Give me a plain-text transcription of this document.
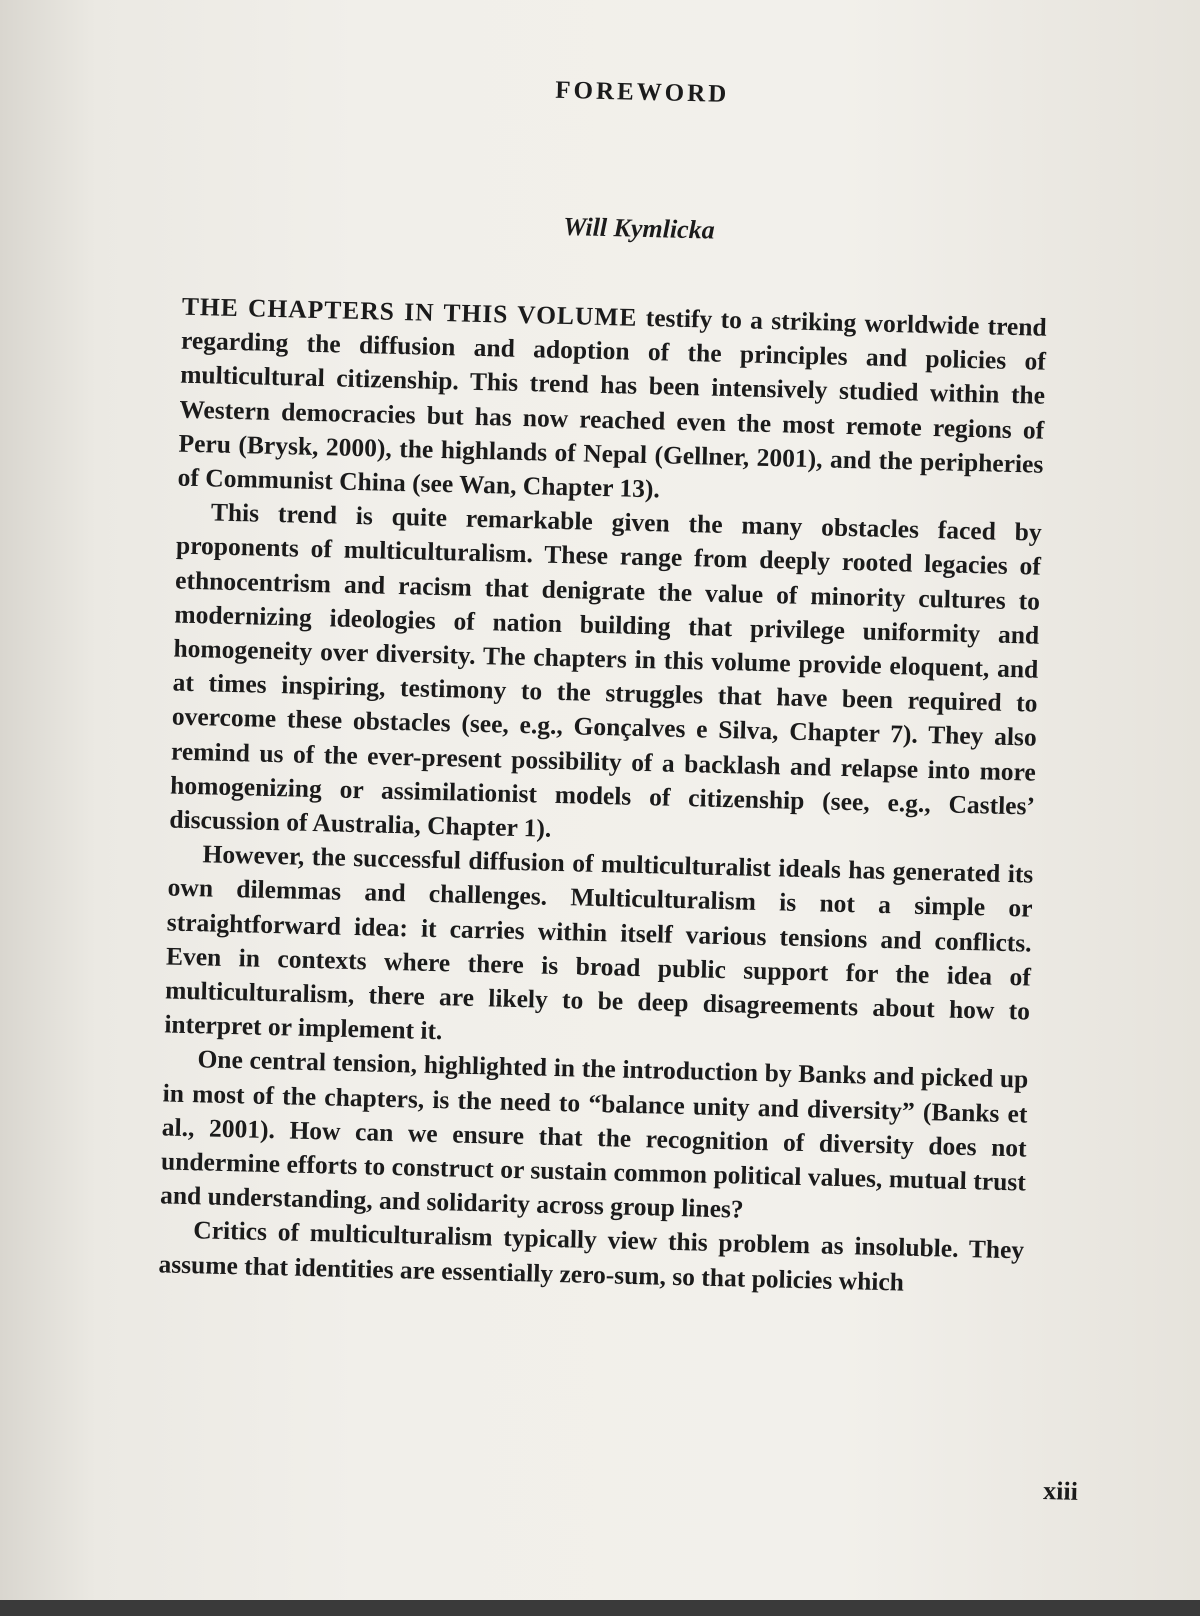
FOREWORD
Will Kymlicka

THE CHAPTERS IN THIS VOLUME testify to a striking worldwide trend regarding the diffusion and adoption of the principles and policies of multicultural citizenship. This trend has been intensively studied within the Western democracies but has now reached even the most remote regions of Peru (Brysk, 2000), the highlands of Nepal (Gellner, 2001), and the peripheries of Communist China (see Wan, Chapter 13).

This trend is quite remarkable given the many obstacles faced by proponents of multiculturalism. These range from deeply rooted legacies of ethnocentrism and racism that denigrate the value of minority cultures to modernizing ideologies of nation building that privilege uniformity and homogeneity over diversity. The chapters in this volume provide eloquent, and at times inspiring, testimony to the struggles that have been required to overcome these obstacles (see, e.g., Gonçalves e Silva, Chapter 7). They also remind us of the ever-present possibility of a backlash and relapse into more homogenizing or assimilationist models of citizenship (see, e.g., Castles’ discussion of Australia, Chapter 1).

However, the successful diffusion of multiculturalist ideals has generated its own dilemmas and challenges. Multiculturalism is not a simple or straightforward idea: it carries within itself various tensions and conflicts. Even in contexts where there is broad public support for the idea of multiculturalism, there are likely to be deep disagreements about how to interpret or implement it.

One central tension, highlighted in the introduction by Banks and picked up in most of the chapters, is the need to “balance unity and diversity” (Banks et al., 2001). How can we ensure that the recognition of diversity does not undermine efforts to construct or sustain common political values, mutual trust and understanding, and solidarity across group lines?

Critics of multiculturalism typically view this problem as insoluble. They assume that identities are essentially zero-sum, so that policies which

xiii
